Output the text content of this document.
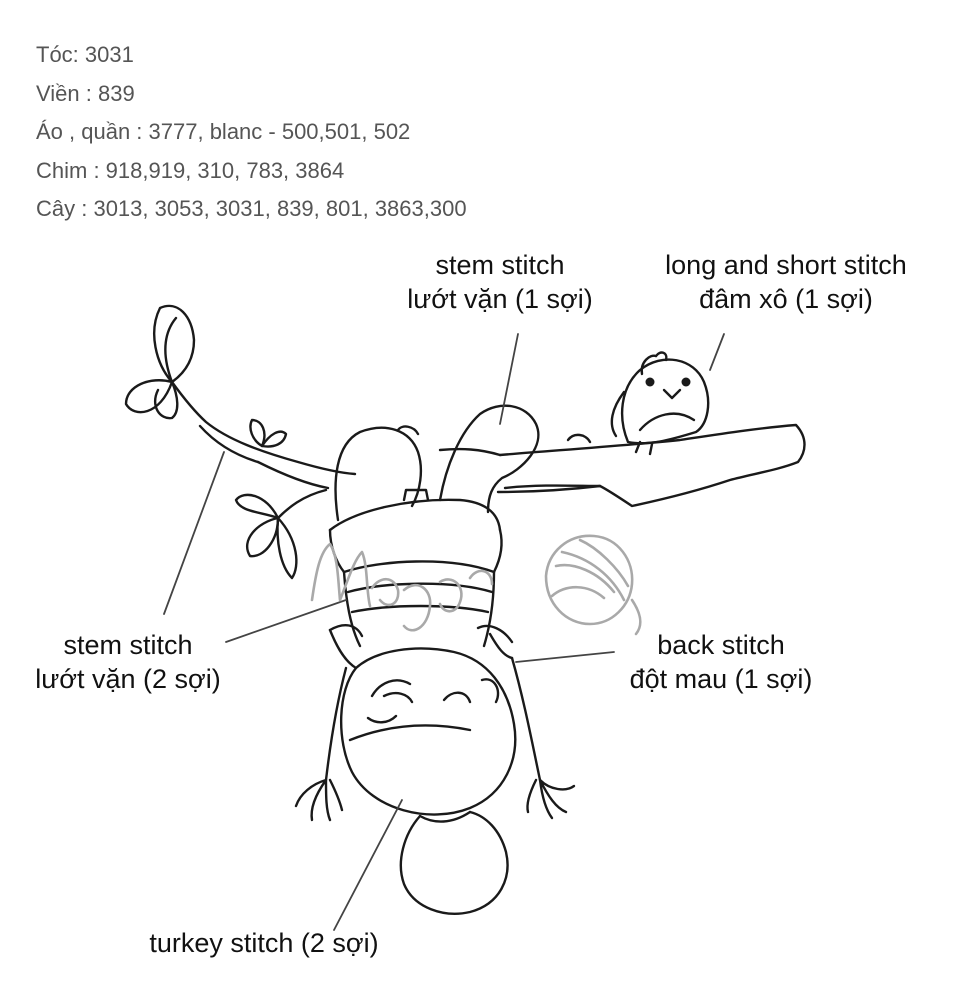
Tóc: 3031
Viền : 839
Áo , quần : 3777, blanc - 500,501, 502
Chim : 918,919, 310, 783, 3864
Cây : 3013, 3053, 3031, 839, 801, 3863,300
stem stitch
lướt vặn (1 sợi)
long and short stitch
đâm xô (1 sợi)
stem stitch
lướt vặn (2 sợi)
back stitch
đột mau (1 sợi)
turkey stitch (2 sợi)
